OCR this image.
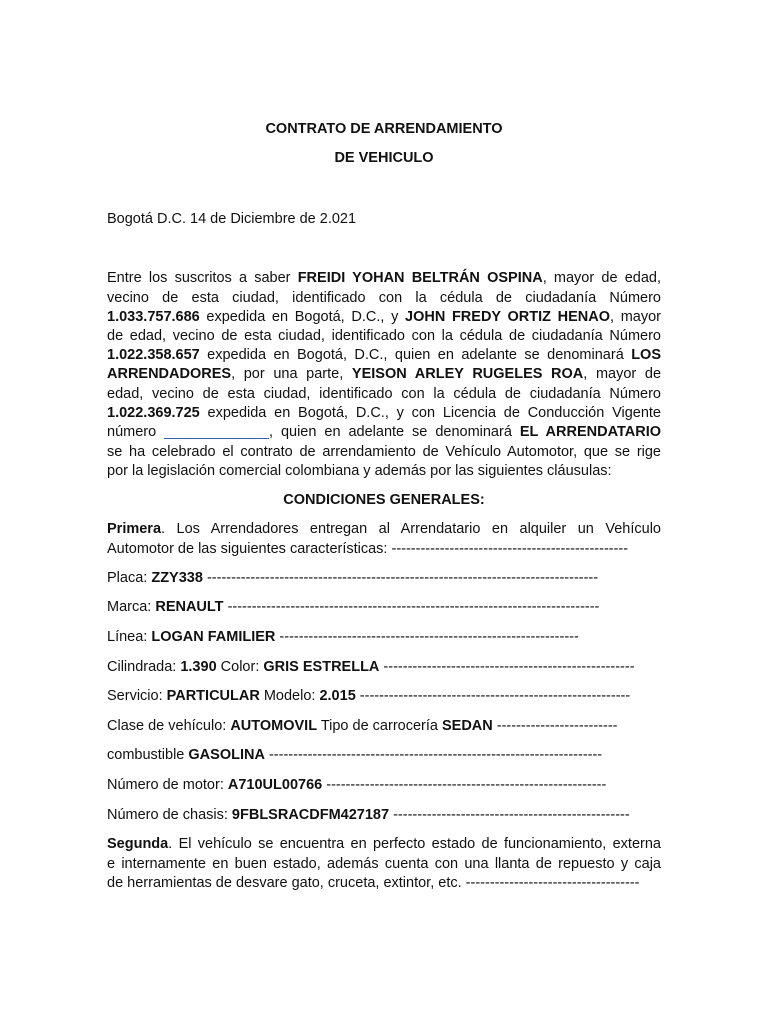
CONTRATO DE ARRENDAMIENTO
DE VEHICULO
Bogotá D.C. 14 de Diciembre de 2.021
Entre los suscritos a saber FREIDI YOHAN BELTRÁN OSPINA, mayor de edad,
vecino de esta ciudad, identificado con la cédula de ciudadanía Número
1.033.757.686 expedida en Bogotá, D.C., y JOHN FREDY ORTIZ HENAO, mayor
de edad, vecino de esta ciudad, identificado con la cédula de ciudadanía Número
1.022.358.657 expedida en Bogotá, D.C., quien en adelante se denominará LOS
ARRENDADORES, por una parte, YEISON ARLEY RUGELES ROA, mayor de
edad, vecino de esta ciudad, identificado con la cédula de ciudadanía Número
1.022.369.725 expedida en Bogotá, D.C., y con Licencia de Conducción Vigente
número _____________, quien en adelante se denominará EL ARRENDATARIO
se ha celebrado el contrato de arrendamiento de Vehículo Automotor, que se rige
por la legislación comercial colombiana y además por las siguientes cláusulas:
CONDICIONES GENERALES:
Primera. Los Arrendadores entregan al Arrendatario en alquiler un Vehículo
Automotor de las siguientes características: -------------------------------------------------
Placa: ZZY338 ---------------------------------------------------------------------------------
Marca: RENAULT -----------------------------------------------------------------------------
Línea: LOGAN FAMILIER --------------------------------------------------------------
Cilindrada: 1.390 Color: GRIS ESTRELLA ----------------------------------------------------
Servicio: PARTICULAR Modelo: 2.015 --------------------------------------------------------
Clase de vehículo: AUTOMOVIL Tipo de carrocería SEDAN -------------------------
combustible GASOLINA ---------------------------------------------------------------------
Número de motor: A710UL00766 ----------------------------------------------------------
Número de chasis: 9FBLSRACDFM427187 -------------------------------------------------
Segunda. El vehículo se encuentra en perfecto estado de funcionamiento, externa
e internamente en buen estado, además cuenta con una llanta de repuesto y caja
de herramientas de desvare gato, cruceta, extintor, etc. ------------------------------------
